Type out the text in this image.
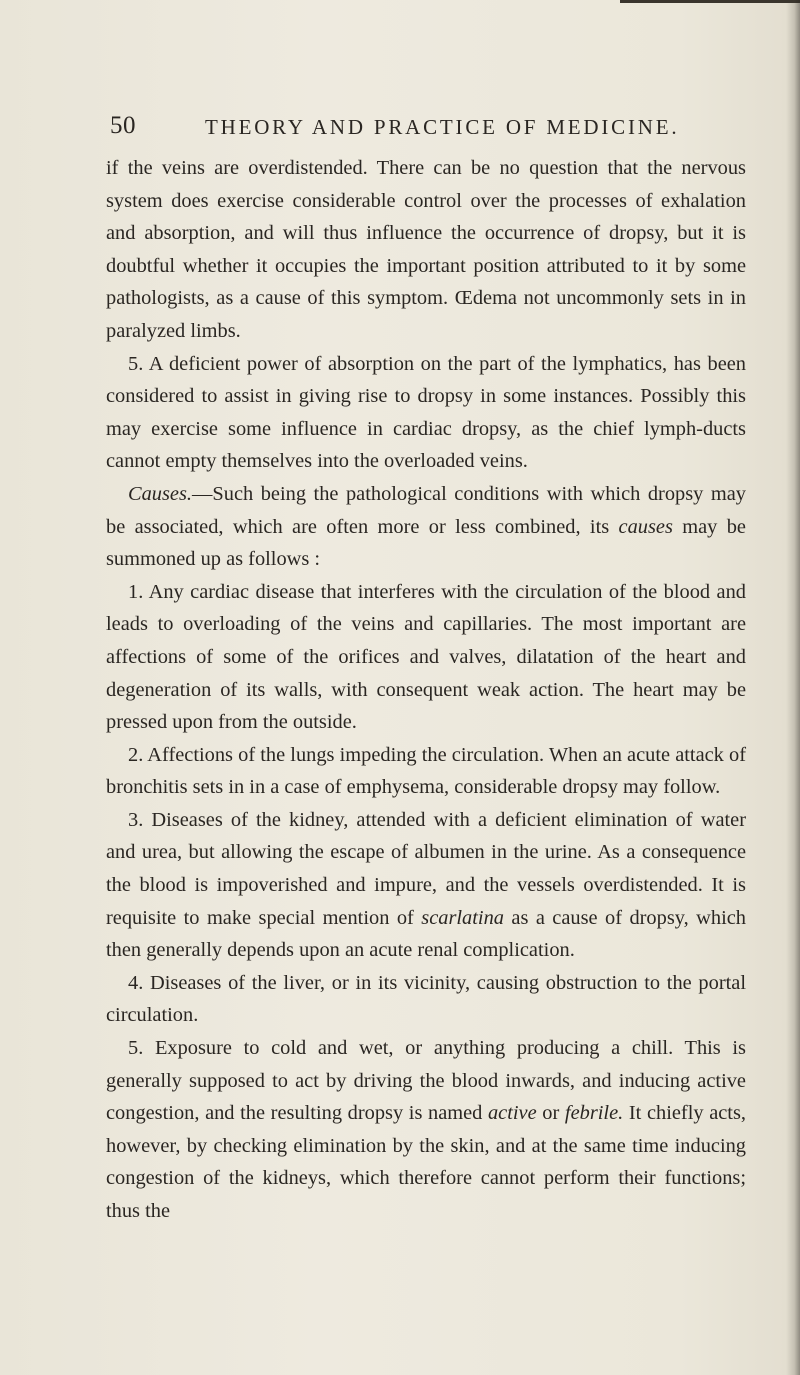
50	THEORY AND PRACTICE OF MEDICINE.

if the veins are overdistended. There can be no question that the nervous system does exercise considerable control over the processes of exhalation and absorption, and will thus influence the occurrence of dropsy, but it is doubtful whether it occupies the important position attributed to it by some pathologists, as a cause of this symptom. Œdema not uncommonly sets in in paralyzed limbs.

5. A deficient power of absorption on the part of the lymphatics, has been considered to assist in giving rise to dropsy in some instances. Possibly this may exercise some influence in cardiac dropsy, as the chief lymph-ducts cannot empty themselves into the overloaded veins.

Causes.—Such being the pathological conditions with which dropsy may be associated, which are often more or less combined, its causes may be summoned up as follows :

1. Any cardiac disease that interferes with the circulation of the blood and leads to overloading of the veins and capillaries. The most important are affections of some of the orifices and valves, dilatation of the heart and degeneration of its walls, with consequent weak action. The heart may be pressed upon from the outside.

2. Affections of the lungs impeding the circulation. When an acute attack of bronchitis sets in in a case of emphysema, considerable dropsy may follow.

3. Diseases of the kidney, attended with a deficient elimination of water and urea, but allowing the escape of albumen in the urine. As a consequence the blood is impoverished and impure, and the vessels overdistended. It is requisite to make special mention of scarlatina as a cause of dropsy, which then generally depends upon an acute renal complication.

4. Diseases of the liver, or in its vicinity, causing obstruction to the portal circulation.

5. Exposure to cold and wet, or anything producing a chill. This is generally supposed to act by driving the blood inwards, and inducing active congestion, and the resulting dropsy is named active or febrile. It chiefly acts, however, by checking elimination by the skin, and at the same time inducing congestion of the kidneys, which therefore cannot perform their functions; thus the
